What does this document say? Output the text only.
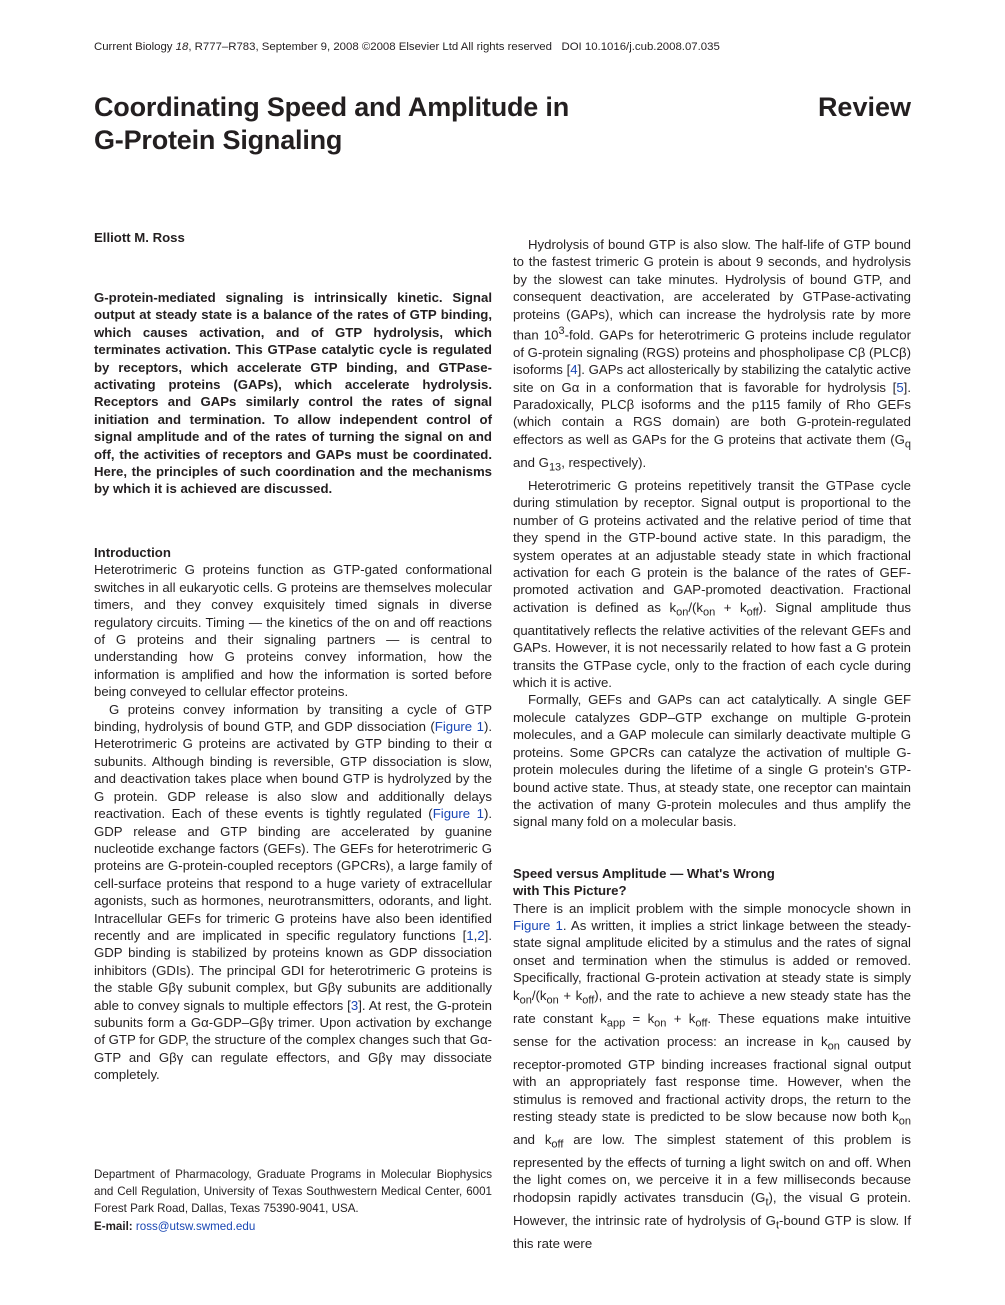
Current Biology 18, R777–R783, September 9, 2008 ©2008 Elsevier Ltd All rights reserved DOI 10.1016/j.cub.2008.07.035
Coordinating Speed and Amplitude in
G-Protein Signaling
Review
Elliott M. Ross

G-protein-mediated signaling is intrinsically kinetic. Signal output at steady state is a balance of the rates of GTP binding, which causes activation, and of GTP hydrolysis, which terminates activation. This GTPase catalytic cycle is regulated by receptors, which accelerate GTP binding, and GTPase-activating proteins (GAPs), which accelerate hydrolysis. Receptors and GAPs similarly control the rates of signal initiation and termination. To allow independent control of signal amplitude and of the rates of turning the signal on and off, the activities of receptors and GAPs must be coordinated. Here, the principles of such coordination and the mechanisms by which it is achieved are discussed.

Introduction

Heterotrimeric G proteins function as GTP-gated conformational switches in all eukaryotic cells. G proteins are themselves molecular timers, and they convey exquisitely timed signals in diverse regulatory circuits. Timing — the kinetics of the on and off reactions of G proteins and their signaling partners — is central to understanding how G proteins convey information, how the information is amplified and how the information is sorted before being conveyed to cellular effector proteins.

G proteins convey information by transiting a cycle of GTP binding, hydrolysis of bound GTP, and GDP dissociation (Figure 1). Heterotrimeric G proteins are activated by GTP binding to their α subunits. Although binding is reversible, GTP dissociation is slow, and deactivation takes place when bound GTP is hydrolyzed by the G protein. GDP release is also slow and additionally delays reactivation. Each of these events is tightly regulated (Figure 1). GDP release and GTP binding are accelerated by guanine nucleotide exchange factors (GEFs). The GEFs for heterotrimeric G proteins are G-protein-coupled receptors (GPCRs), a large family of cell-surface proteins that respond to a huge variety of extracellular agonists, such as hormones, neurotransmitters, odorants, and light. Intracellular GEFs for trimeric G proteins have also been identified recently and are implicated in specific regulatory functions [1,2]. GDP binding is stabilized by proteins known as GDP dissociation inhibitors (GDIs). The principal GDI for heterotrimeric G proteins is the stable Gβγ subunit complex, but Gβγ subunits are additionally able to convey signals to multiple effectors [3]. At rest, the G-protein subunits form a Gα-GDP–Gβγ trimer. Upon activation by exchange of GTP for GDP, the structure of the complex changes such that Gα-GTP and Gβγ can regulate effectors, and Gβγ may dissociate completely.

Department of Pharmacology, Graduate Programs in Molecular Biophysics and Cell Regulation, University of Texas Southwestern Medical Center, 6001 Forest Park Road, Dallas, Texas 75390-9041, USA.

E-mail: ross@utsw.swmed.edu

Hydrolysis of bound GTP is also slow. The half-life of GTP bound to the fastest trimeric G protein is about 9 seconds, and hydrolysis by the slowest can take minutes. Hydrolysis of bound GTP, and consequent deactivation, are accelerated by GTPase-activating proteins (GAPs), which can increase the hydrolysis rate by more than $10^3$-fold. GAPs for heterotrimeric G proteins include regulator of G-protein signaling (RGS) proteins and phospholipase Cβ (PLCβ) isoforms [4]. GAPs act allosterically by stabilizing the catalytic active site on Gα in a conformation that is favorable for hydrolysis [5]. Paradoxically, PLCβ isoforms and the p115 family of Rho GEFs (which contain a RGS domain) are both G-protein-regulated effectors as well as GAPs for the G proteins that activate them ($G_q$ and $G_{13}$, respectively).

Heterotrimeric G proteins repetitively transit the GTPase cycle during stimulation by receptor. Signal output is proportional to the number of G proteins activated and the relative period of time that they spend in the GTP-bound active state. In this paradigm, the system operates at an adjustable steady state in which fractional activation for each G protein is the balance of the rates of GEF-promoted activation and GAP-promoted deactivation. Fractional activation is defined as $k_{on}/(k_{on} + k_{off})$. Signal amplitude thus quantitatively reflects the relative activities of the relevant GEFs and GAPs. However, it is not necessarily related to how fast a G protein transits the GTPase cycle, only to the fraction of each cycle during which it is active.

Formally, GEFs and GAPs can act catalytically. A single GEF molecule catalyzes GDP–GTP exchange on multiple G-protein molecules, and a GAP molecule can similarly deactivate multiple G proteins. Some GPCRs can catalyze the activation of multiple G-protein molecules during the lifetime of a single G protein's GTP-bound active state. Thus, at steady state, one receptor can maintain the activation of many G-protein molecules and thus amplify the signal many fold on a molecular basis.

Speed versus Amplitude — What's Wrong
with This Picture?

There is an implicit problem with the simple monocycle shown in Figure 1. As written, it implies a strict linkage between the steady-state signal amplitude elicited by a stimulus and the rates of signal onset and termination when the stimulus is added or removed. Specifically, fractional G-protein activation at steady state is simply $k_{on}/(k_{on} + k_{off})$, and the rate to achieve a new steady state has the rate constant $k_{app} = k_{on} + k_{off}$. These equations make intuitive sense for the activation process: an increase in $k_{on}$ caused by receptor-promoted GTP binding increases fractional signal output with an appropriately fast response time. However, when the stimulus is removed and fractional activity drops, the return to the resting steady state is predicted to be slow because now both $k_{on}$ and $k_{off}$ are low. The simplest statement of this problem is represented by the effects of turning a light switch on and off. When the light comes on, we perceive it in a few milliseconds because rhodopsin rapidly activates transducin $(G_t)$, the visual G protein. However, the intrinsic rate of hydrolysis of $G_t$-bound GTP is slow. If this rate were
